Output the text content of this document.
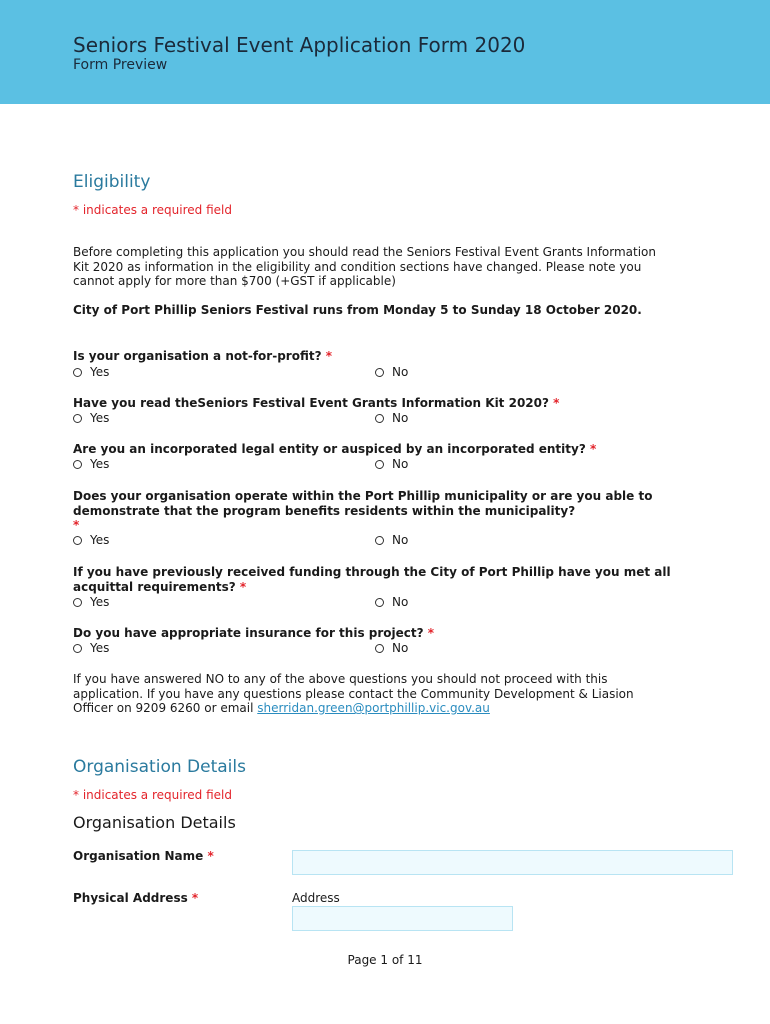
Seniors Festival Event Application Form 2020
Form Preview
Eligibility
* indicates a required field
Before completing this application you should read the Seniors Festival Event Grants Information Kit 2020 as information in the eligibility and condition sections have changed. Please note you cannot apply for more than $700 (+GST if applicable)
City of Port Phillip Seniors Festival runs from Monday 5 to Sunday 18 October 2020.
Is your organisation a not-for-profit? *
Yes	No
Have you read theSeniors Festival Event Grants Information Kit 2020? *
Yes	No
Are you an incorporated legal entity or auspiced by an incorporated entity? *
Yes	No
Does your organisation operate within the Port Phillip municipality or are you able to demonstrate that the program benefits residents within the municipality?
*
Yes	No
If you have previously received funding through the City of Port Phillip have you met all acquittal requirements? *
Yes	No
Do you have appropriate insurance for this project? *
Yes	No
If you have answered NO to any of the above questions you should not proceed with this application. If you have any questions please contact the Community Development & Liasion Officer on 9209 6260 or email sherridan.green@portphillip.vic.gov.au
Organisation Details
* indicates a required field
Organisation Details
Organisation Name *
Physical Address *	Address
Page 1 of 11
